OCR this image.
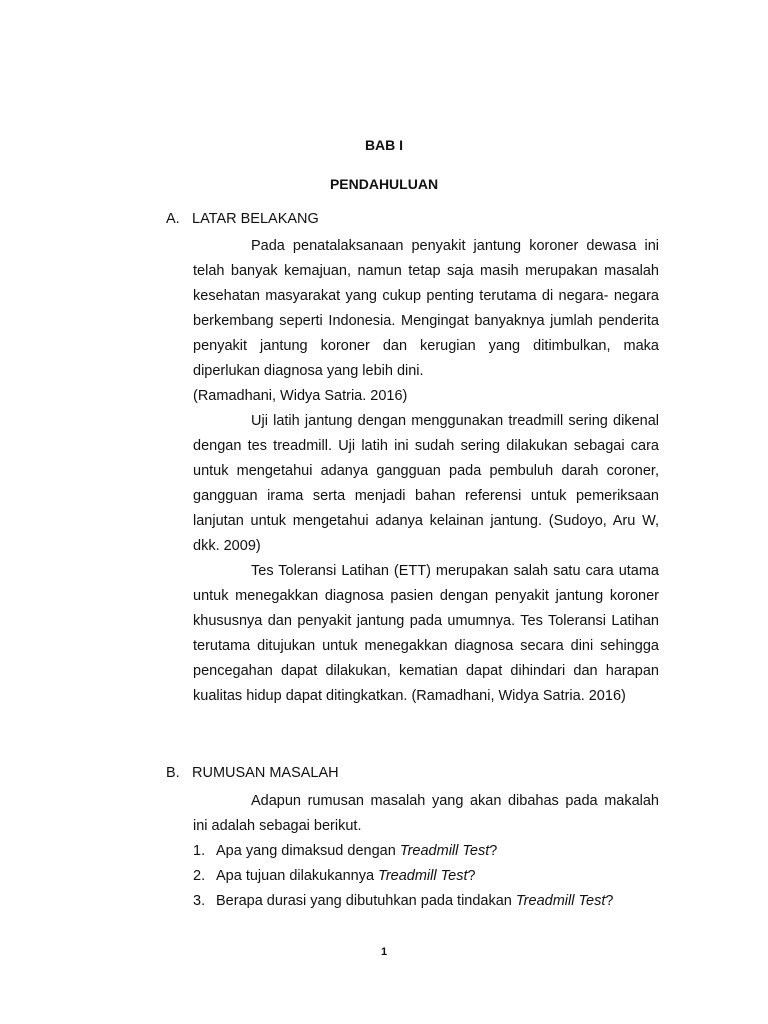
BAB I
PENDAHULUAN
A. LATAR BELAKANG

Pada penatalaksanaan penyakit jantung koroner dewasa ini telah banyak kemajuan, namun tetap saja masih merupakan masalah kesehatan masyarakat yang cukup penting terutama di negara- negara berkembang seperti Indonesia. Mengingat banyaknya jumlah penderita penyakit jantung koroner dan kerugian yang ditimbulkan, maka diperlukan diagnosa yang lebih dini.

(Ramadhani, Widya Satria. 2016)

Uji latih jantung dengan menggunakan treadmill sering dikenal dengan tes treadmill. Uji latih ini sudah sering dilakukan sebagai cara untuk mengetahui adanya gangguan pada pembuluh darah coroner, gangguan irama serta menjadi bahan referensi untuk pemeriksaan lanjutan untuk mengetahui adanya kelainan jantung. (Sudoyo, Aru W, dkk. 2009)

Tes Toleransi Latihan (ETT) merupakan salah satu cara utama untuk menegakkan diagnosa pasien dengan penyakit jantung koroner khususnya dan penyakit jantung pada umumnya. Tes Toleransi Latihan terutama ditujukan untuk menegakkan diagnosa secara dini sehingga pencegahan dapat dilakukan, kematian dapat dihindari dan harapan kualitas hidup dapat ditingkatkan. (Ramadhani, Widya Satria. 2016)

B. RUMUSAN MASALAH

Adapun rumusan masalah yang akan dibahas pada makalah ini adalah sebagai berikut.

1. Apa yang dimaksud dengan Treadmill Test?
2. Apa tujuan dilakukannya Treadmill Test?
3. Berapa durasi yang dibutuhkan pada tindakan Treadmill Test?
1
